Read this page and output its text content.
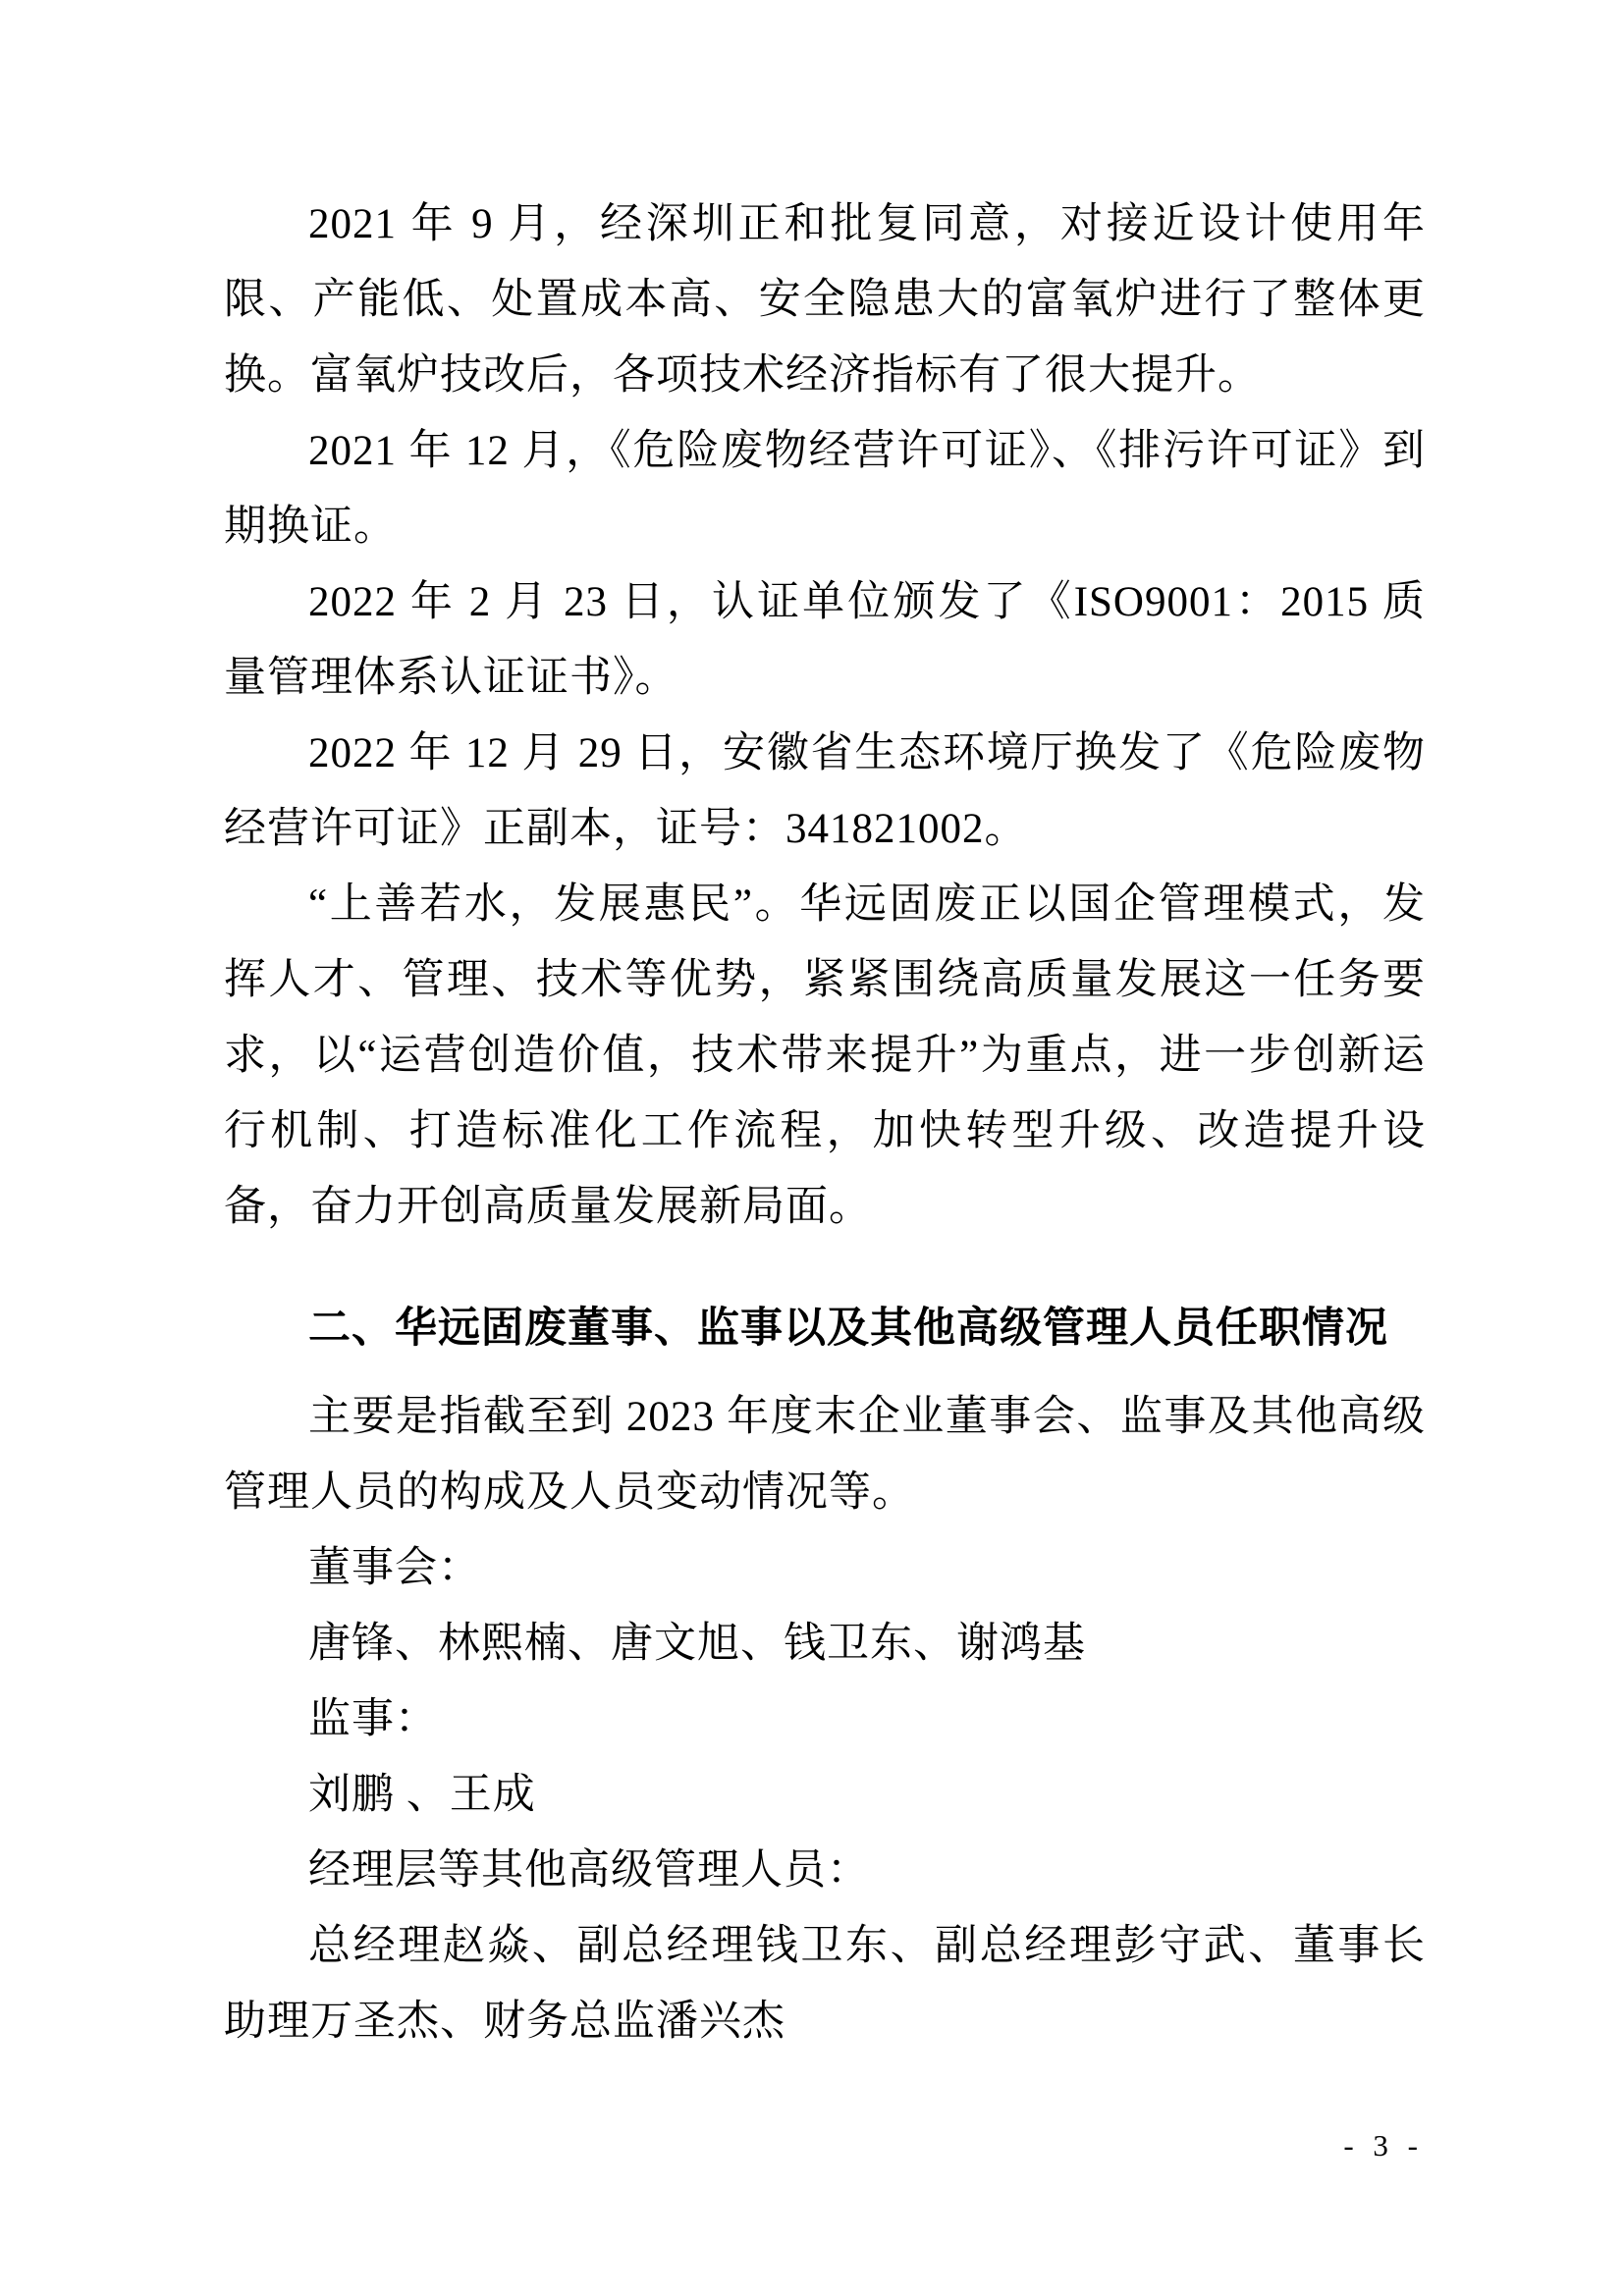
2021 年 9 月，经深圳正和批复同意，对接近设计使用年限、产能低、处置成本高、安全隐患大的富氧炉进行了整体更换。富氧炉技改后，各项技术经济指标有了很大提升。

2021 年 12 月，《危险废物经营许可证》、《排污许可证》到期换证。

2022 年 2 月 23 日，认证单位颁发了《ISO9001：2015 质量管理体系认证证书》。

2022 年 12 月 29 日，安徽省生态环境厅换发了《危险废物经营许可证》正副本，证号：341821002。

“上善若水，发展惠民”。华远固废正以国企管理模式，发挥人才、管理、技术等优势，紧紧围绕高质量发展这一任务要求，以“运营创造价值，技术带来提升”为重点，进一步创新运行机制、打造标准化工作流程，加快转型升级、改造提升设备，奋力开创高质量发展新局面。

二、华远固废董事、监事以及其他高级管理人员任职情况

主要是指截至到 2023 年度末企业董事会、监事及其他高级管理人员的构成及人员变动情况等。

董事会：

唐锋、林熙楠、唐文旭、钱卫东、谢鸿基

监事：

刘鹏 、王成

经理层等其他高级管理人员：

总经理赵焱、副总经理钱卫东、副总经理彭守武、董事长助理万圣杰、财务总监潘兴杰

- 3 -
